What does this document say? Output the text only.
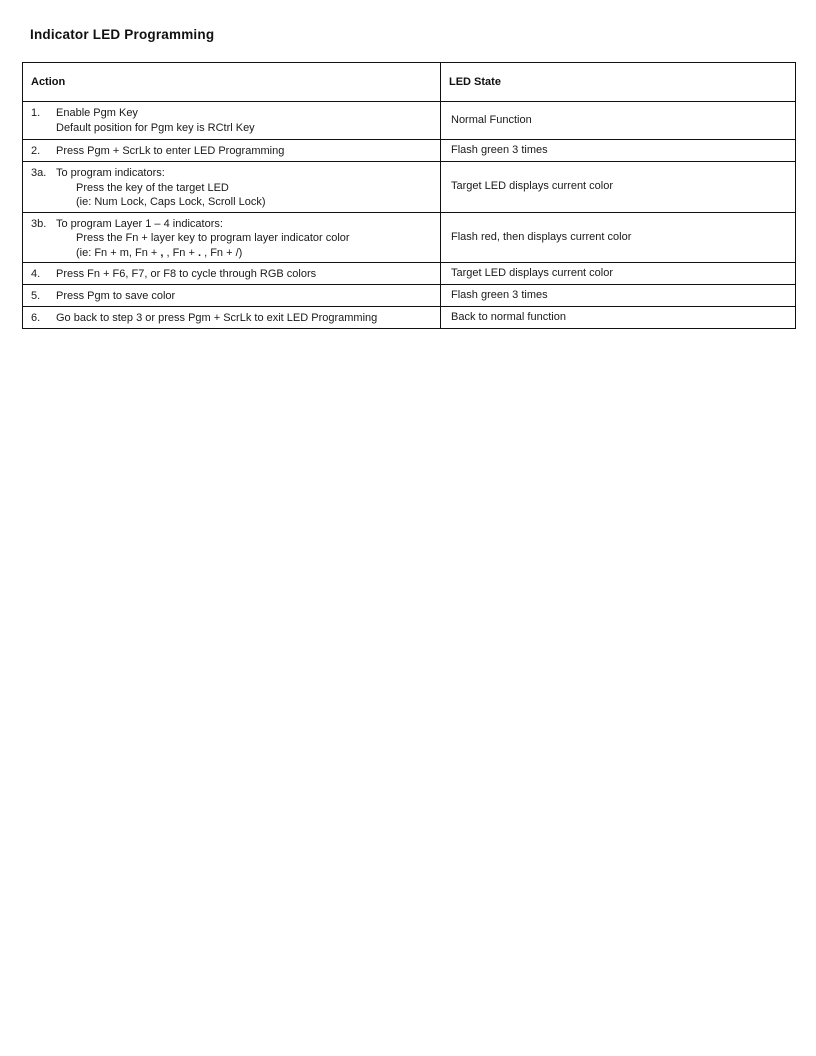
Indicator LED Programming
Action	LED State

1. Enable Pgm Key
Default position for Pgm key is RCtrl Key	Normal Function

2. Press Pgm + ScrLk to enter LED Programming	Flash green 3 times

3a. To program indicators:
Press the key of the target LED
(ie: Num Lock, Caps Lock, Scroll Lock)	Target LED displays current color

3b. To program Layer 1 – 4 indicators:
Press the Fn + layer key to program layer indicator color
(ie: Fn + m, Fn + , , Fn + . , Fn + /)	Flash red, then displays current color

4. Press Fn + F6, F7, or F8 to cycle through RGB colors	Target LED displays current color

5. Press Pgm to save color	Flash green 3 times

6. Go back to step 3 or press Pgm + ScrLk to exit LED Programming	Back to normal function
